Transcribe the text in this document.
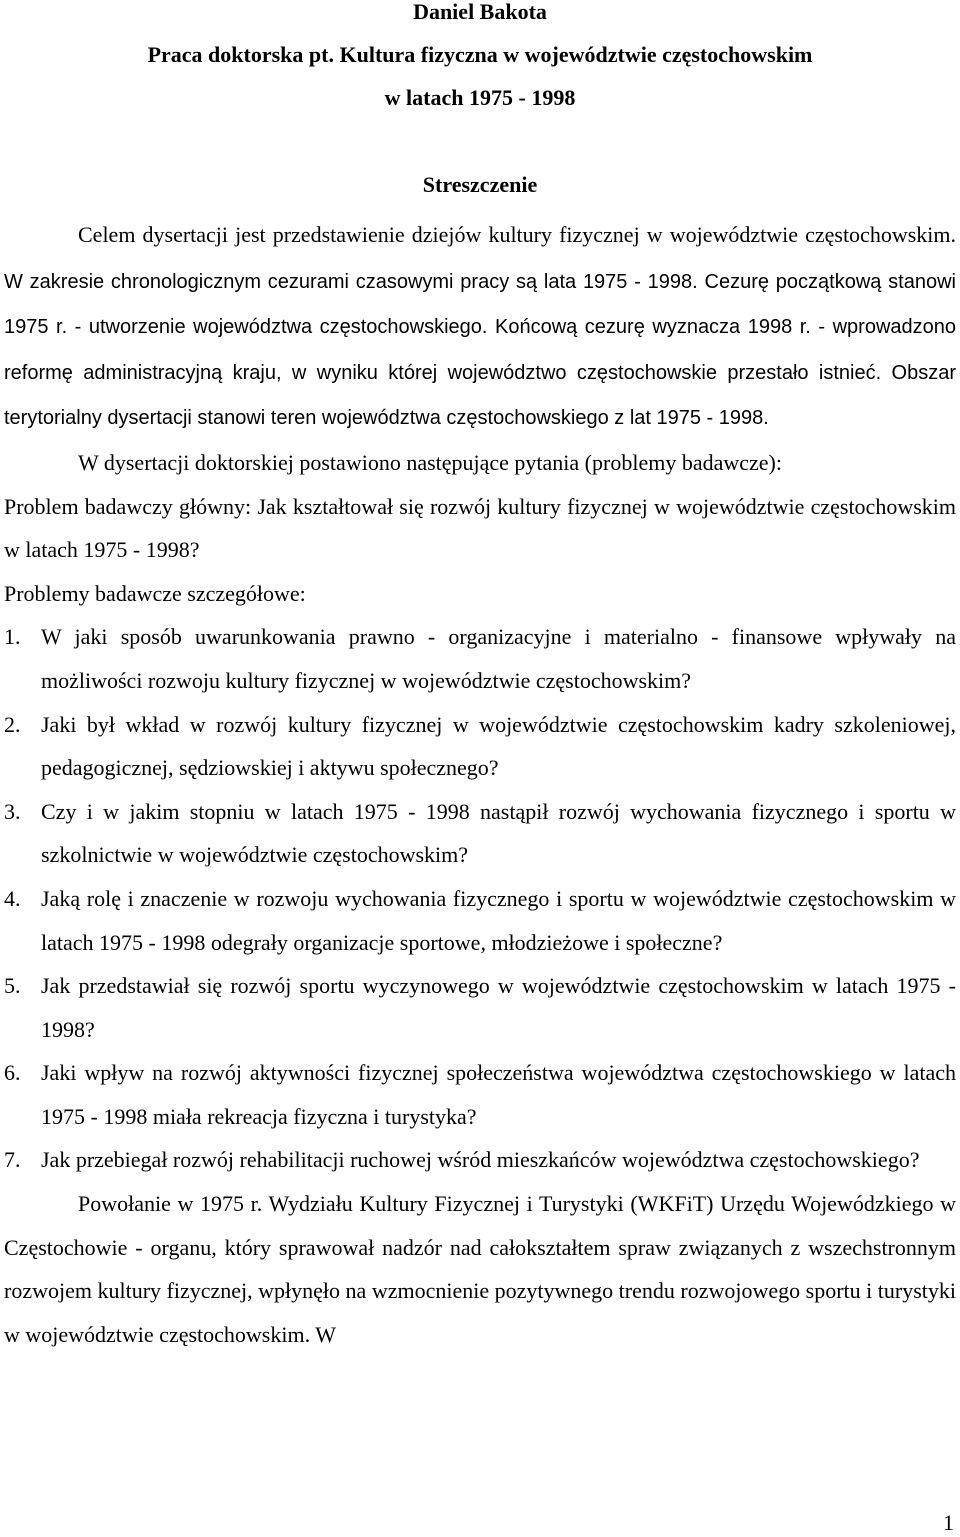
Daniel Bakota
Praca doktorska pt. Kultura fizyczna w województwie częstochowskim
w latach 1975 - 1998
Streszczenie

Celem dysertacji jest przedstawienie dziejów kultury fizycznej w województwie częstochowskim. W zakresie chronologicznym cezurami czasowymi pracy są lata 1975 - 1998. Cezurę początkową stanowi 1975 r. - utworzenie województwa częstochowskiego. Końcową cezurę wyznacza 1998 r. - wprowadzono reformę administracyjną kraju, w wyniku której województwo częstochowskie przestało istnieć. Obszar terytorialny dysertacji stanowi teren województwa częstochowskiego z lat 1975 - 1998.

W dysertacji doktorskiej postawiono następujące pytania (problemy badawcze):

Problem badawczy główny: Jak kształtował się rozwój kultury fizycznej w województwie częstochowskim w latach 1975 - 1998?

Problemy badawcze szczegółowe:

1. W jaki sposób uwarunkowania prawno - organizacyjne i materialno - finansowe wpływały na możliwości rozwoju kultury fizycznej w województwie częstochowskim?
2. Jaki był wkład w rozwój kultury fizycznej w województwie częstochowskim kadry szkoleniowej, pedagogicznej, sędziowskiej i aktywu społecznego?
3. Czy i w jakim stopniu w latach 1975 - 1998 nastąpił rozwój wychowania fizycznego i sportu w szkolnictwie w województwie częstochowskim?
4. Jaką rolę i znaczenie w rozwoju wychowania fizycznego i sportu w województwie częstochowskim w latach 1975 - 1998 odegrały organizacje sportowe, młodzieżowe i społeczne?
5. Jak przedstawiał się rozwój sportu wyczynowego w województwie częstochowskim w latach 1975 - 1998?
6. Jaki wpływ na rozwój aktywności fizycznej społeczeństwa województwa częstochowskiego w latach 1975 - 1998 miała rekreacja fizyczna i turystyka?
7. Jak przebiegał rozwój rehabilitacji ruchowej wśród mieszkańców województwa częstochowskiego?

Powołanie w 1975 r. Wydziału Kultury Fizycznej i Turystyki (WKFiT) Urzędu Wojewódzkiego w Częstochowie - organu, który sprawował nadzór nad całokształtem spraw związanych z wszechstronnym rozwojem kultury fizycznej, wpłynęło na wzmocnienie pozytywnego trendu rozwojowego sportu i turystyki w województwie częstochowskim. W

1
